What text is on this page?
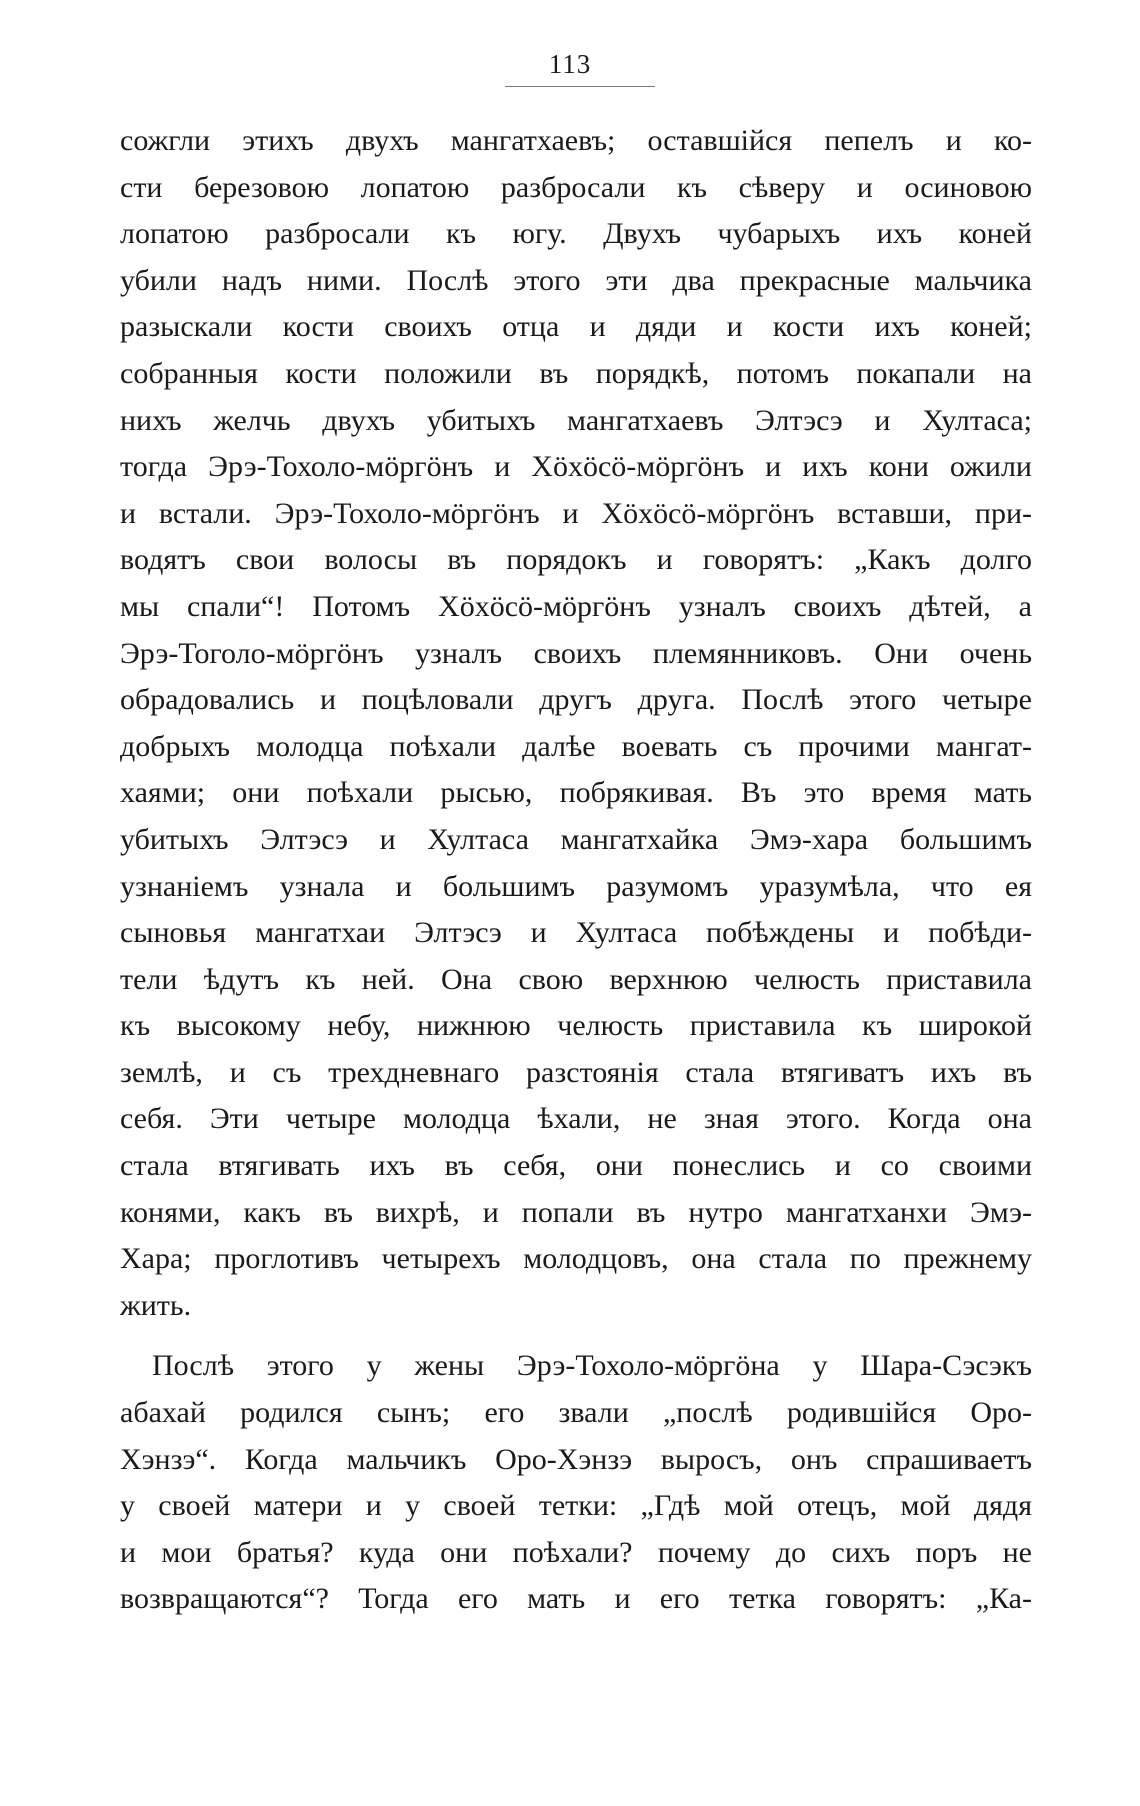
113
сожгли этихъ двухъ мангатхаевъ; оставшійся пепелъ и ко-
сти березовою лопатою разбросали къ сѣверу и осиновою
лопатою разбросали къ югу. Двухъ чубарыхъ ихъ коней
убили надъ ними. Послѣ этого эти два прекрасные мальчика
разыскали кости своихъ отца и дяди и кости ихъ коней;
собранныя кости положили въ порядкѣ, потомъ покапали на
нихъ желчь двухъ убитыхъ мангатхаевъ Элтэсэ и Хултаса;
тогда Эрэ-Тохоло-мöргöнъ и Хöхöсö-мöргöнъ и ихъ кони ожили
и встали. Эрэ-Тохоло-мöргöнъ и Хöхöсö-мöргöнъ вставши, при-
водятъ свои волосы въ порядокъ и говорятъ: „Какъ долго
мы спали“! Потомъ Хöхöсö-мöргöнъ узналъ своихъ дѣтей, а
Эрэ-Тоголо-мöргöнъ узналъ своихъ племянниковъ. Они очень
обрадовались и поцѣловали другъ друга. Послѣ этого четыре
добрыхъ молодца поѣхали далѣе воевать съ прочими мангат-
хаями; они поѣхали рысью, побрякивая. Въ это время мать
убитыхъ Элтэсэ и Хултаса мангатхайка Эмэ-хара большимъ
узнаніемъ узнала и большимъ разумомъ уразумѣла, что ея
сыновья мангатхаи Элтэсэ и Хултаса побѣждены и побѣди-
тели ѣдутъ къ ней. Она свою верхнюю челюсть приставила
къ высокому небу, нижнюю челюсть приставила къ широкой
землѣ, и съ трехдневнаго разстоянія стала втягиватъ ихъ въ
себя. Эти четыре молодца ѣхали, не зная этого. Когда она
стала втягивать ихъ въ себя, они понеслись и со своими
конями, какъ въ вихрѣ, и попали въ нутро мангатханхи Эмэ-
Хара; проглотивъ четырехъ молодцовъ, она стала по прежнему
жить.
Послѣ этого у жены Эрэ-Тохоло-мöргöна у Шара-Сэсэкъ
абахай родился сынъ; его звали „послѣ родившійся Оро-
Хэнзэ“. Когда мальчикъ Оро-Хэнзэ выросъ, онъ спрашиваетъ
у своей матери и у своей тетки: „Гдѣ мой отецъ, мой дядя
и мои братья? куда они поѣхали? почему до сихъ поръ не
возвращаются“? Тогда его мать и его тетка говорятъ: „Ка-
